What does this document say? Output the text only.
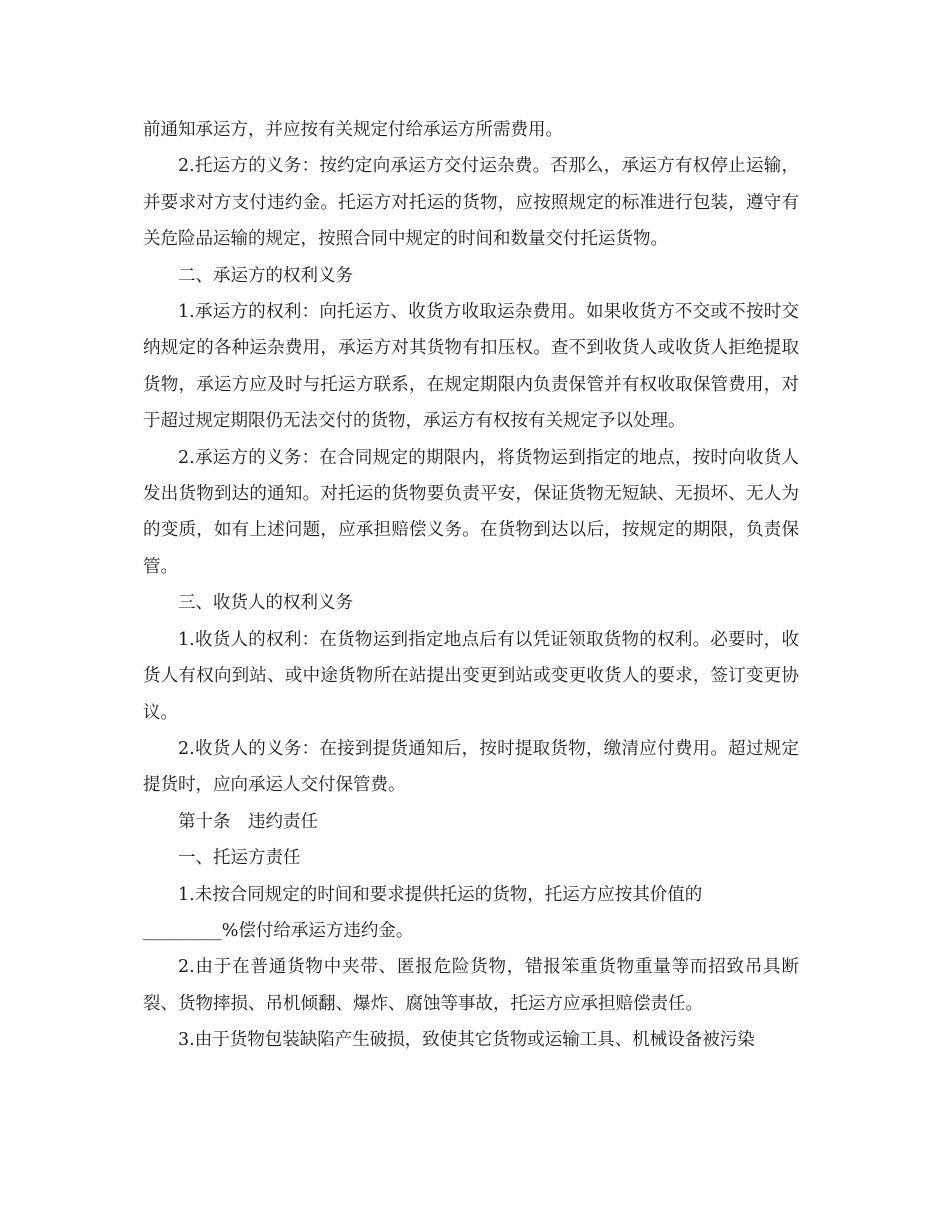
前通知承运方，并应按有关规定付给承运方所需费用。

2.托运方的义务：按约定向承运方交付运杂费。否那么，承运方有权停止运输，并要求对方支付违约金。托运方对托运的货物，应按照规定的标准进行包装，遵守有关危险品运输的规定，按照合同中规定的时间和数量交付托运货物。

二、承运方的权利义务

1.承运方的权利：向托运方、收货方收取运杂费用。如果收货方不交或不按时交纳规定的各种运杂费用，承运方对其货物有扣压权。查不到收货人或收货人拒绝提取货物，承运方应及时与托运方联系，在规定期限内负责保管并有权收取保管费用，对于超过规定期限仍无法交付的货物，承运方有权按有关规定予以处理。

2.承运方的义务：在合同规定的期限内，将货物运到指定的地点，按时向收货人发出货物到达的通知。对托运的货物要负责平安，保证货物无短缺、无损坏、无人为的变质，如有上述问题，应承担赔偿义务。在货物到达以后，按规定的期限，负责保管。

三、收货人的权利义务

1.收货人的权利：在货物运到指定地点后有以凭证领取货物的权利。必要时，收货人有权向到站、或中途货物所在站提出变更到站或变更收货人的要求，签订变更协议。

2.收货人的义务：在接到提货通知后，按时提取货物，缴清应付费用。超过规定提货时，应向承运人交付保管费。

第十条　违约责任

一、托运方责任

1.未按合同规定的时间和要求提供托运的货物，托运方应按其价值的

_________%偿付给承运方违约金。

2.由于在普通货物中夹带、匿报危险货物，错报笨重货物重量等而招致吊具断裂、货物摔损、吊机倾翻、爆炸、腐蚀等事故，托运方应承担赔偿责任。

3.由于货物包装缺陷产生破损，致使其它货物或运输工具、机械设备被污染
